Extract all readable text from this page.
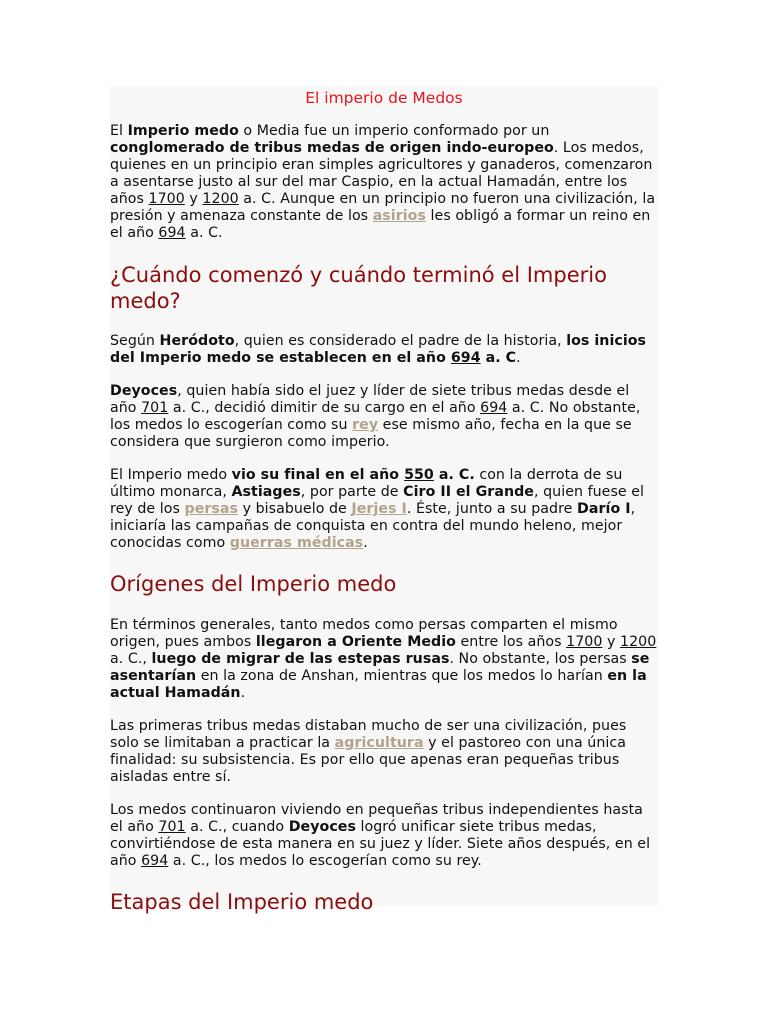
El imperio de Medos

El Imperio medo o Media fue un imperio conformado por un conglomerado de tribus medas de origen indo-europeo. Los medos, quienes en un principio eran simples agricultores y ganaderos, comenzaron a asentarse justo al sur del mar Caspio, en la actual Hamadán, entre los años 1700 y 1200 a. C. Aunque en un principio no fueron una civilización, la presión y amenaza constante de los asirios les obligó a formar un reino en el año 694 a. C.

¿Cuándo comenzó y cuándo terminó el Imperio medo?

Según Heródoto, quien es considerado el padre de la historia, los inicios del Imperio medo se establecen en el año 694 a. C.

Deyoces, quien había sido el juez y líder de siete tribus medas desde el año 701 a. C., decidió dimitir de su cargo en el año 694 a. C. No obstante, los medos lo escogerían como su rey ese mismo año, fecha en la que se considera que surgieron como imperio.

El Imperio medo vio su final en el año 550 a. C. con la derrota de su último monarca, Astiages, por parte de Ciro II el Grande, quien fuese el rey de los persas y bisabuelo de Jerjes I. Éste, junto a su padre Darío I, iniciaría las campañas de conquista en contra del mundo heleno, mejor conocidas como guerras médicas.

Orígenes del Imperio medo

En términos generales, tanto medos como persas comparten el mismo origen, pues ambos llegaron a Oriente Medio entre los años 1700 y 1200 a. C., luego de migrar de las estepas rusas. No obstante, los persas se asentarían en la zona de Anshan, mientras que los medos lo harían en la actual Hamadán.

Las primeras tribus medas distaban mucho de ser una civilización, pues solo se limitaban a practicar la agricultura y el pastoreo con una única finalidad: su subsistencia. Es por ello que apenas eran pequeñas tribus aisladas entre sí.

Los medos continuaron viviendo en pequeñas tribus independientes hasta el año 701 a. C., cuando Deyoces logró unificar siete tribus medas, convirtiéndose de esta manera en su juez y líder. Siete años después, en el año 694 a. C., los medos lo escogerían como su rey.

Etapas del Imperio medo
